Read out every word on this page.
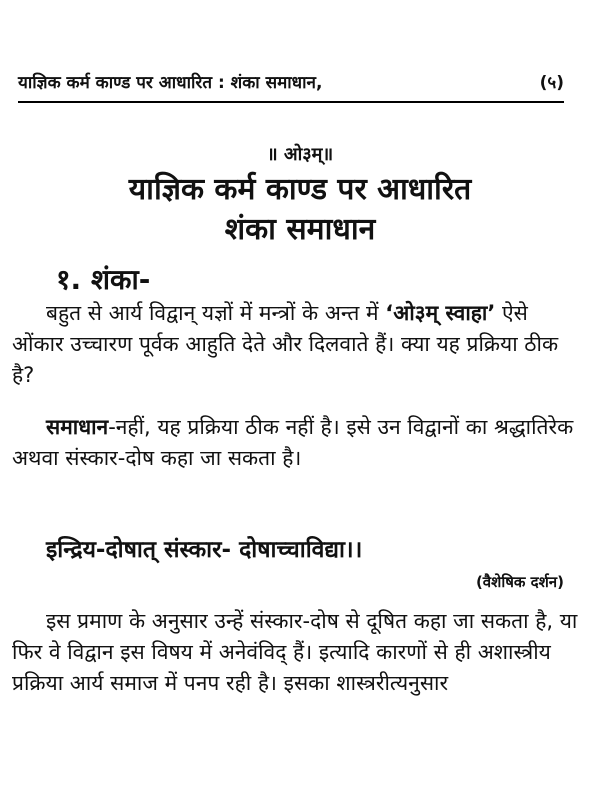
याज्ञिक कर्म काण्ड पर आधारित : शंका समाधान,	(५)
॥ ओ३म्॥
याज्ञिक कर्म काण्ड पर आधारित
शंका समाधान
१. शंका-
बहुत से आर्य विद्वान् यज्ञों में मन्त्रों के अन्त में ‘ओ३म् स्वाहा’ ऐसे ओंकार उच्चारण पूर्वक आहुति देते और दिलवाते हैं। क्या यह प्रक्रिया ठीक है?
समाधान-नहीं, यह प्रक्रिया ठीक नहीं है। इसे उन विद्वानों का श्रद्धातिरेक अथवा संस्कार-दोष कहा जा सकता है।
इन्द्रिय-दोषात् संस्कार- दोषाच्चाविद्या।।
(वैशेषिक दर्शन)
इस प्रमाण के अनुसार उन्हें संस्कार-दोष से दूषित कहा जा सकता है, या फिर वे विद्वान इस विषय में अनेवंविद् हैं। इत्यादि कारणों से ही अशास्त्रीय प्रक्रिया आर्य समाज में पनप रही है। इसका शास्त्ररीत्यनुसार
